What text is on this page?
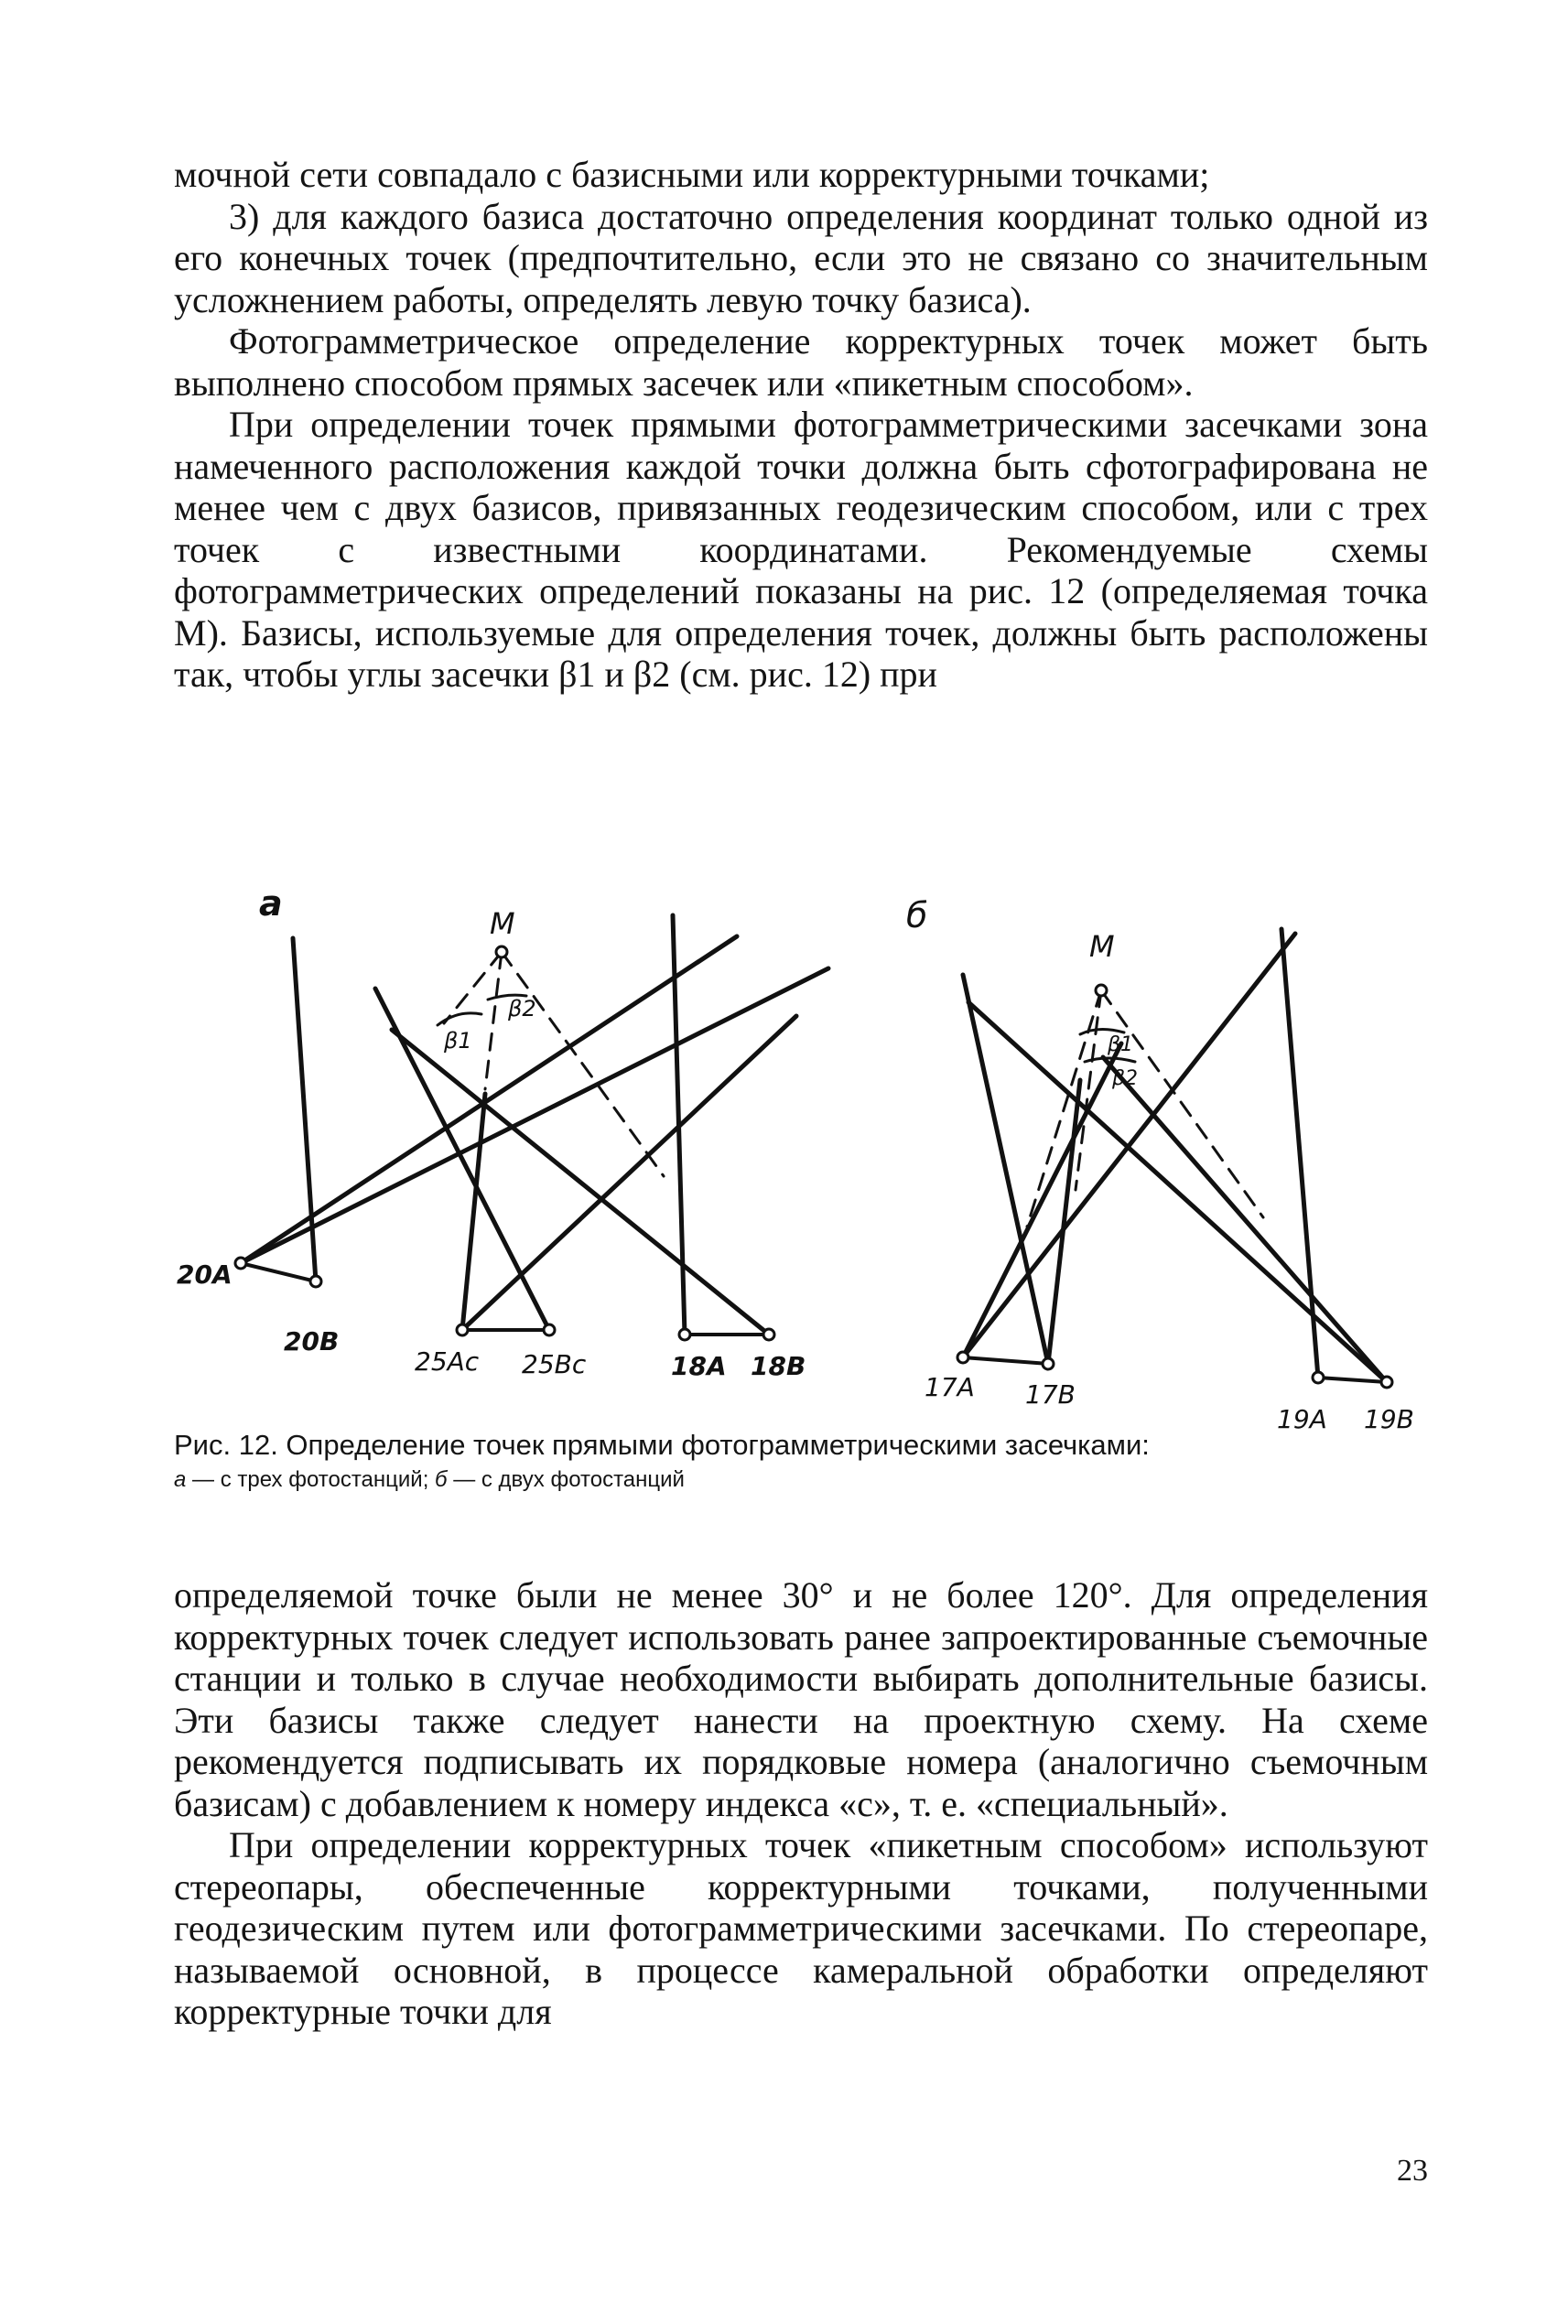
мочной сети совпадало с базисными или корректурными точками;

3) для каждого базиса достаточно определения координат только одной из его конечных точек (предпочтительно, если это не связано со значительным усложнением работы, определять левую точку базиса).

Фотограмметрическое определение корректурных точек может быть выполнено способом прямых засечек или «пикетным способом».

При определении точек прямыми фотограмметрическими засечками зона намеченного расположения каждой точки должна быть сфотографирована не менее чем с двух базисов, привязанных геодезическим способом, или с трех точек с известными координатами. Рекомендуемые схемы фотограмметрических определений показаны на рис. 12 (определяемая точка M). Базисы, используемые для определения точек, должны быть расположены так, чтобы углы засечки β1 и β2 (см. рис. 12) при

а	M
β1
β2
20A
20B
25Ac 25Bc	18A 18B
б
M
β1
β2
17A 17B
19A 19B
Рис. 12. Определение точек прямыми фотограмметрическими засечками:
а — с трех фотостанций; б — с двух фотостанций

определяемой точке были не менее 30° и не более 120°. Для определения корректурных точек следует использовать ранее запроектированные съемочные станции и только в случае необходимости выбирать дополнительные базисы. Эти базисы также следует нанести на проектную схему. На схеме рекомендуется подписывать их порядковые номера (аналогично съемочным базисам) с добавлением к номеру индекса «с», т. е. «специальный».

При определении корректурных точек «пикетным способом» используют стереопары, обеспеченные корректурными точками, полученными геодезическим путем или фотограмметрическими засечками. По стереопаре, называемой основной, в процессе камеральной обработки определяют корректурные точки для

23
